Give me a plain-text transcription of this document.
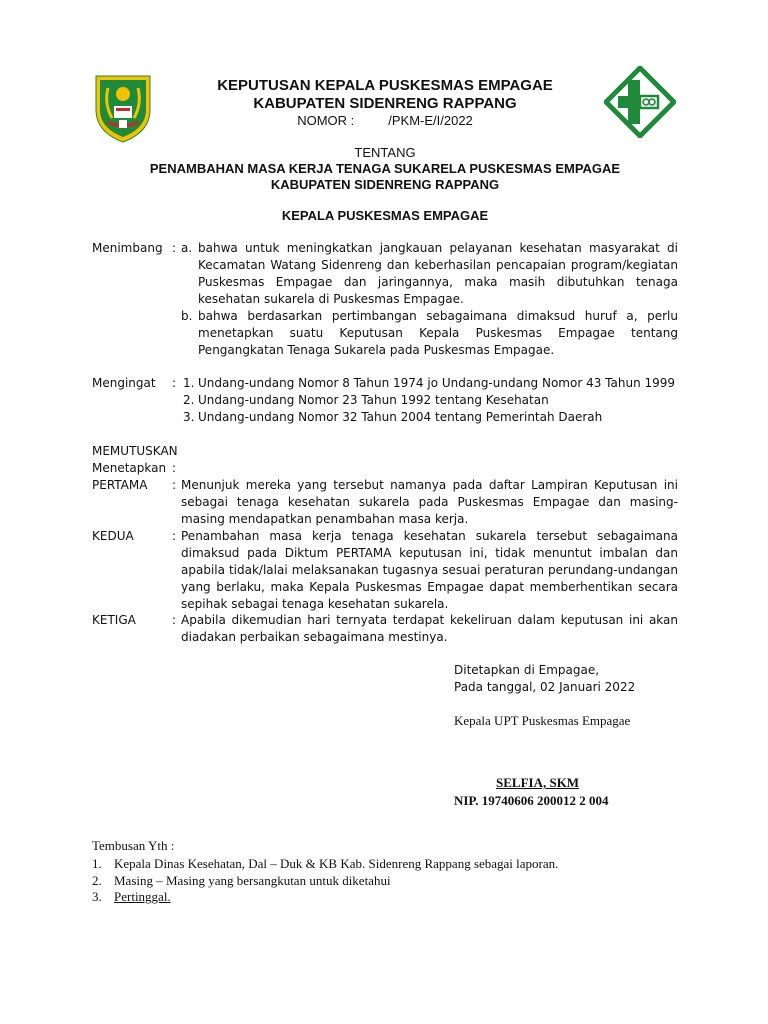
KEPUTUSAN KEPALA PUSKESMAS EMPAGAE
KABUPATEN SIDENRENG RAPPANG
NOMOR :	/PKM-E/I/2022
TENTANG
PENAMBAHAN MASA KERJA TENAGA SUKARELA PUSKESMAS EMPAGAE
KABUPATEN SIDENRENG RAPPANG
KEPALA PUSKESMAS EMPAGAE
Menimbang : a. bahwa untuk meningkatkan jangkauan pelayanan kesehatan masyarakat di Kecamatan Watang Sidenreng dan keberhasilan pencapaian program/kegiatan Puskesmas Empagae dan jaringannya, maka masih dibutuhkan tenaga kesehatan sukarela di Puskesmas Empagae.
b. bahwa berdasarkan pertimbangan sebagaimana dimaksud huruf a, perlu menetapkan suatu Keputusan Kepala Puskesmas Empagae tentang Pengangkatan Tenaga Sukarela pada Puskesmas Empagae.
Mengingat : 1. Undang-undang Nomor 8 Tahun 1974 jo Undang-undang Nomor 43 Tahun 1999
2. Undang-undang Nomor 23 Tahun 1992 tentang Kesehatan
3. Undang-undang Nomor 32 Tahun 2004 tentang Pemerintah Daerah
MEMUTUSKAN
Menetapkan :
PERTAMA : Menunjuk mereka yang tersebut namanya pada daftar Lampiran Keputusan ini sebagai tenaga kesehatan sukarela pada Puskesmas Empagae dan masing-masing mendapatkan penambahan masa kerja.
KEDUA	: Penambahan masa kerja tenaga kesehatan sukarela tersebut sebagaimana dimaksud pada Diktum PERTAMA keputusan ini, tidak menuntut imbalan dan apabila tidak/lalai melaksanakan tugasnya sesuai peraturan perundang-undangan yang berlaku, maka Kepala Puskesmas Empagae dapat memberhentikan secara sepihak sebagai tenaga kesehatan sukarela.
KETIGA	: Apabila dikemudian hari ternyata terdapat kekeliruan dalam keputusan ini akan diadakan perbaikan sebagaimana mestinya.
Ditetapkan di Empagae,
Pada tanggal, 02 Januari 2022
Kepala UPT Puskesmas Empagae
SELFIA, SKM
NIP. 19740606 200012 2 004
Tembusan Yth :
1. Kepala Dinas Kesehatan, Dal – Duk & KB Kab. Sidenreng Rappang sebagai laporan.
2. Masing – Masing yang bersangkutan untuk diketahui
3. Pertinggal.
